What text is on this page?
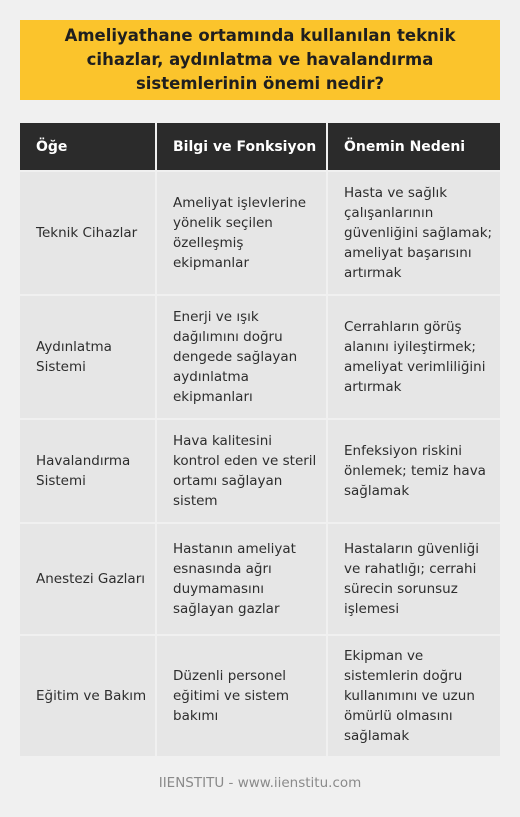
Ameliyathane ortamında kullanılan teknik cihazlar, aydınlatma ve havalandırma sistemlerinin önemi nedir?
Öğe	Bilgi ve Fonksiyon	Önemin Nedeni
Teknik Cihazlar	Ameliyat işlevlerine yönelik seçilen özelleşmiş ekipmanlar	Hasta ve sağlık çalışanlarının güvenliğini sağlamak; ameliyat başarısını artırmak
Aydınlatma Sistemi	Enerji ve ışık dağılımını doğru dengede sağlayan aydınlatma ekipmanları	Cerrahların görüş alanını iyileştirmek; ameliyat verimliliğini artırmak
Havalandırma Sistemi	Hava kalitesini kontrol eden ve steril ortamı sağlayan sistem	Enfeksiyon riskini önlemek; temiz hava sağlamak
Anestezi Gazları	Hastanın ameliyat esnasında ağrı duymamasını sağlayan gazlar	Hastaların güvenliği ve rahatlığı; cerrahi sürecin sorunsuz işlemesi
Eğitim ve Bakım	Düzenli personel eğitimi ve sistem bakımı	Ekipman ve sistemlerin doğru kullanımını ve uzun ömürlü olmasını sağlamak
IIENSTITU - www.iienstitu.com
